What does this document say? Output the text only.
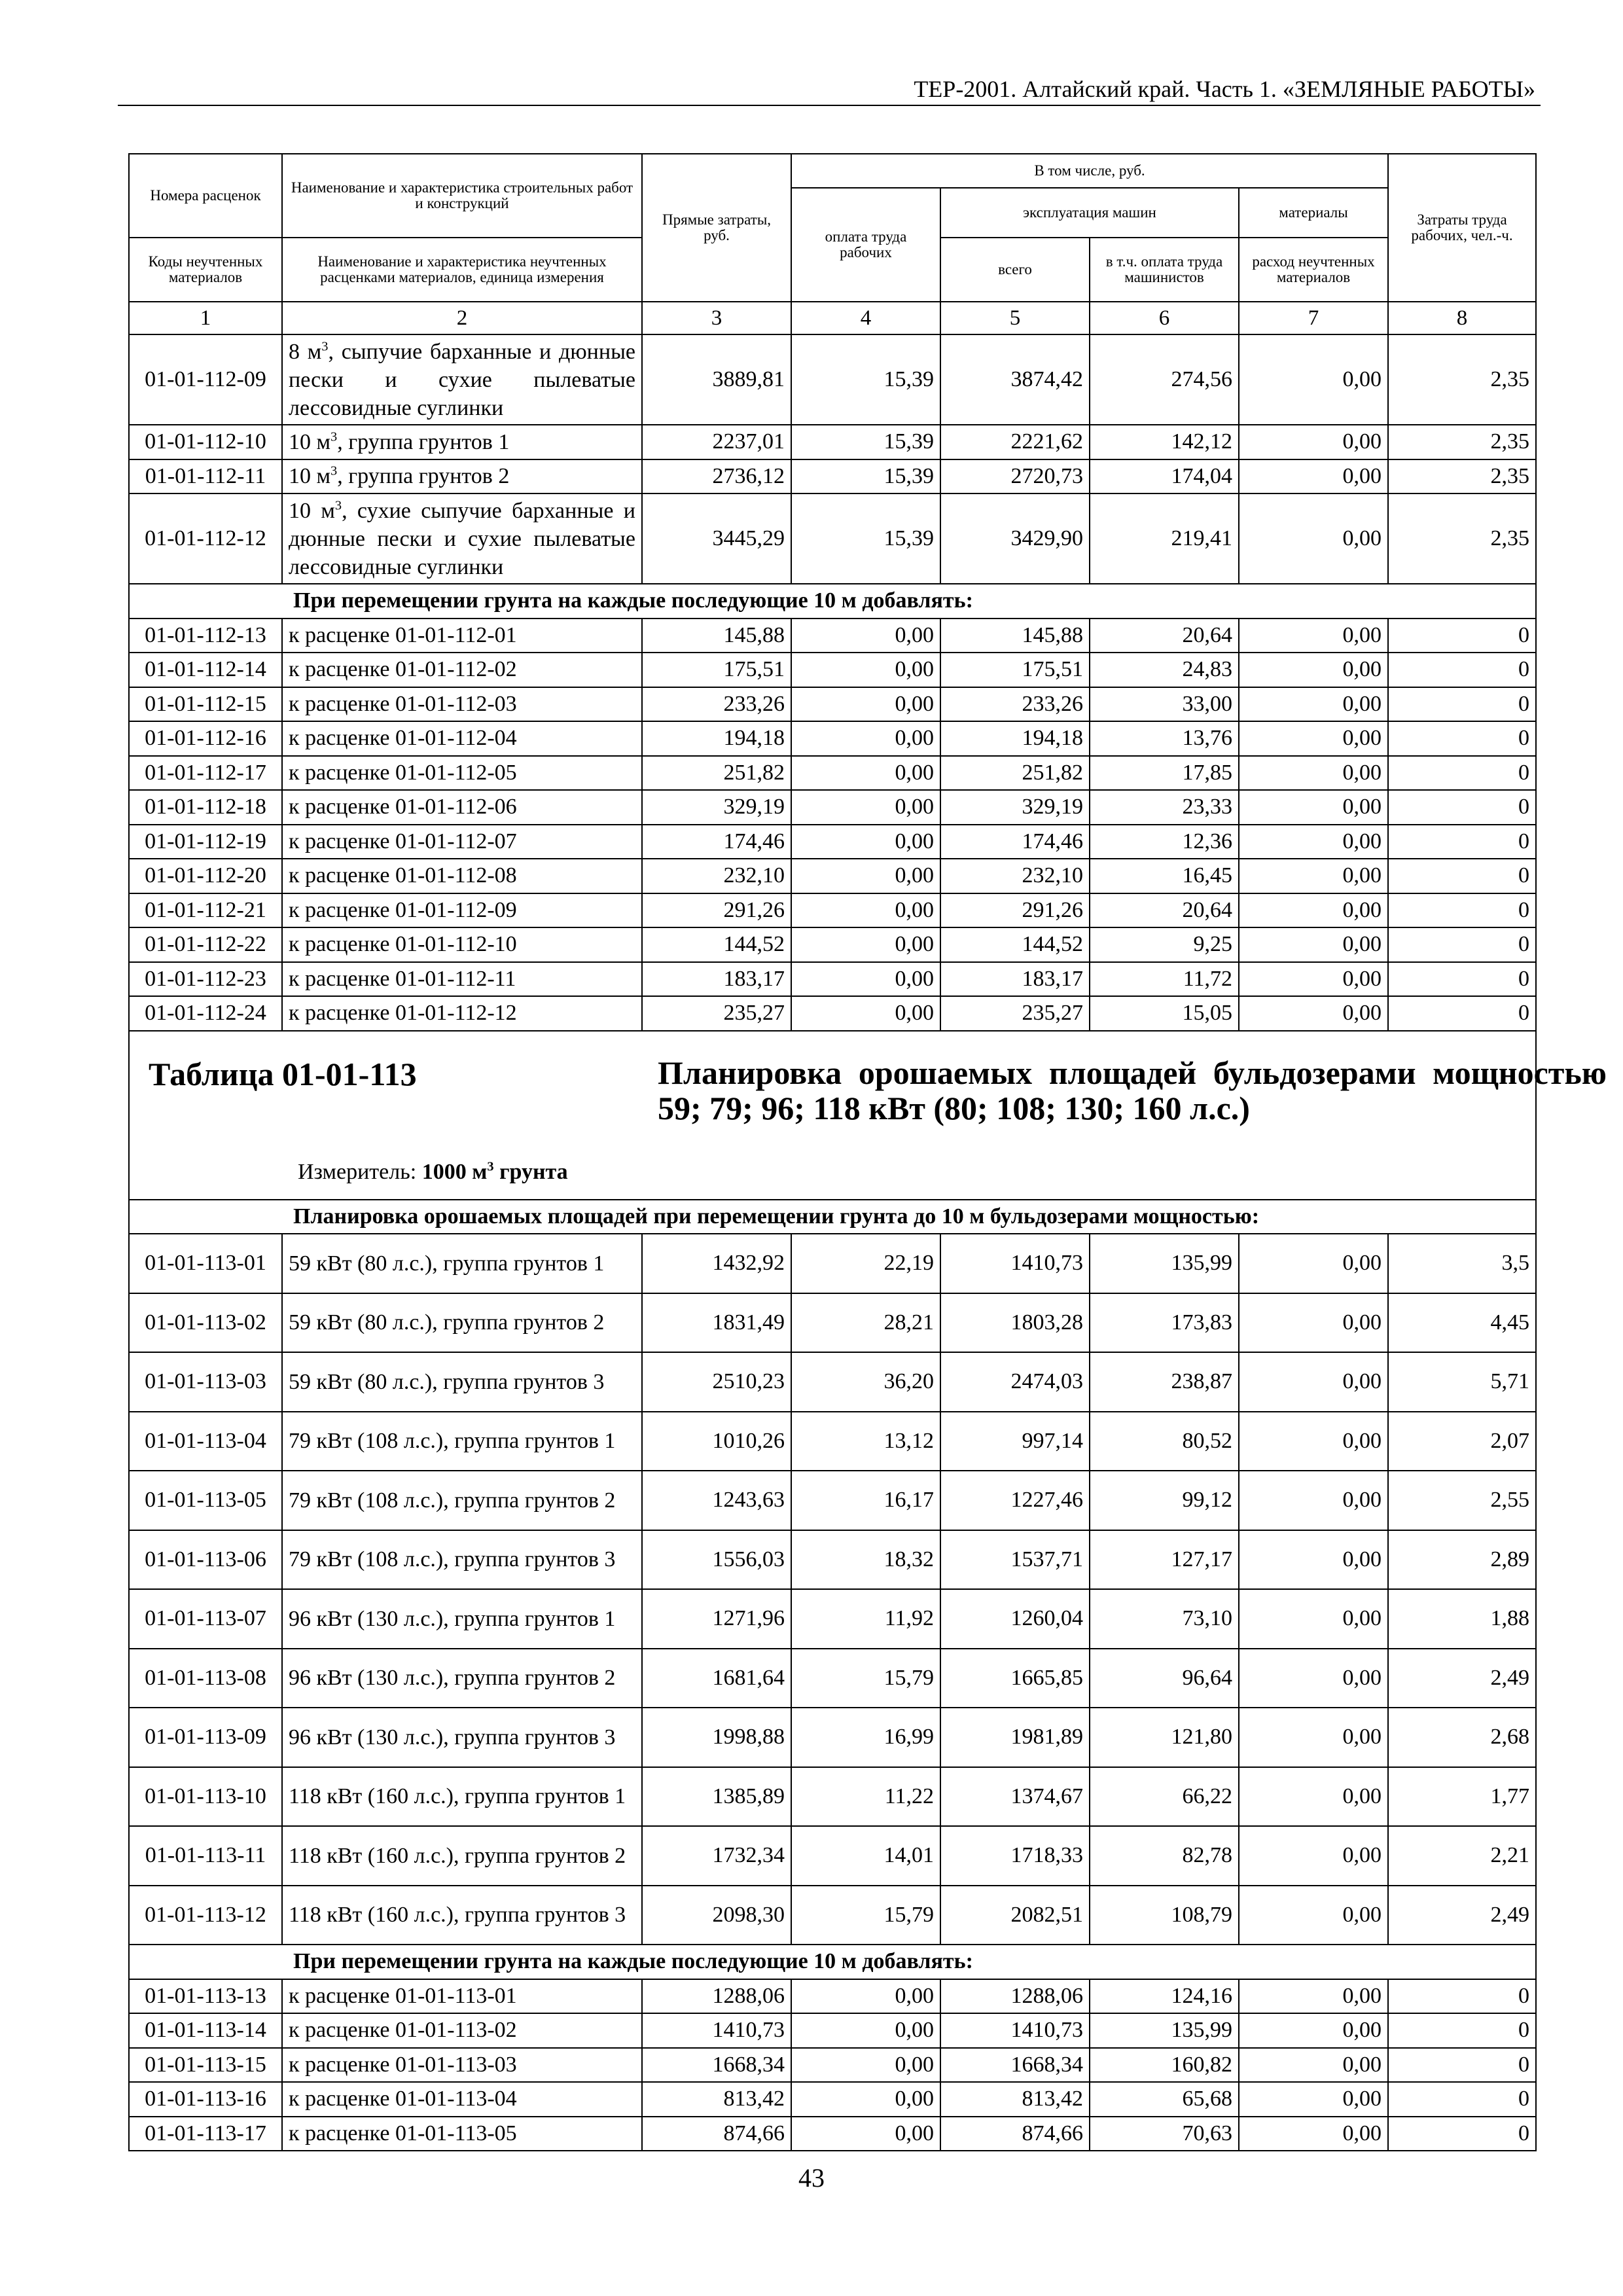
ТЕР-2001. Алтайский край. Часть 1. «ЗЕМЛЯНЫЕ РАБОТЫ»
Номера расценок	Наименование и характеристика строительных работ и конструкций	Прямые затраты, руб.	В том числе, руб.				Затраты труда рабочих, чел.-ч.
			оплата труда рабочих	эксплуатация машин		материалы	
Коды неучтенных материалов	Наименование и характеристика неучтенных расценками материалов, единица измерения			всего	в т.ч. оплата труда машинистов	расход неучтенных материалов	
1	2	3	4	5	6	7	8
01-01-112-09	8 $м^3$, сыпучие барханные и дюнные пески и сухие пылеватые лессовидные суглинки	3889,81	15,39	3874,42	274,56	0,00	2,35
01-01-112-10	10 $м^3$, группа грунтов 1	2237,01	15,39	2221,62	142,12	0,00	2,35
01-01-112-11	10 $м^3$, группа грунтов 2	2736,12	15,39	2720,73	174,04	0,00	2,35
01-01-112-12	10 $м^3$, сухие сыпучие барханные и дюнные пески и сухие пылеватые лессовидные суглинки	3445,29	15,39	3429,90	219,41	0,00	2,35
При перемещении грунта на каждые последующие 10 м добавлять:							
01-01-112-13	к расценке 01-01-112-01	145,88	0,00	145,88	20,64	0,00	0
01-01-112-14	к расценке 01-01-112-02	175,51	0,00	175,51	24,83	0,00	0
01-01-112-15	к расценке 01-01-112-03	233,26	0,00	233,26	33,00	0,00	0
01-01-112-16	к расценке 01-01-112-04	194,18	0,00	194,18	13,76	0,00	0
01-01-112-17	к расценке 01-01-112-05	251,82	0,00	251,82	17,85	0,00	0
01-01-112-18	к расценке 01-01-112-06	329,19	0,00	329,19	23,33	0,00	0
01-01-112-19	к расценке 01-01-112-07	174,46	0,00	174,46	12,36	0,00	0
01-01-112-20	к расценке 01-01-112-08	232,10	0,00	232,10	16,45	0,00	0
01-01-112-21	к расценке 01-01-112-09	291,26	0,00	291,26	20,64	0,00	0
01-01-112-22	к расценке 01-01-112-10	144,52	0,00	144,52	9,25	0,00	0
01-01-112-23	к расценке 01-01-112-11	183,17	0,00	183,17	11,72	0,00	0
01-01-112-24	к расценке 01-01-112-12	235,27	0,00	235,27	15,05	0,00	0

Таблица 01-01-113 Планировка орошаемых площадей бульдозерами мощностью 59; 79; 96; 118 кВт (80; 108; 130; 160 л.с.)
Измеритель: 1000 $м^3$ грунта							

Планировка орошаемых площадей при перемещении грунта до 10 м бульдозерами мощностью:							
01-01-113-01	59 кВт (80 л.с.), группа грунтов 1	1432,92	22,19	1410,73	135,99	0,00	3,5
01-01-113-02	59 кВт (80 л.с.), группа грунтов 2	1831,49	28,21	1803,28	173,83	0,00	4,45
01-01-113-03	59 кВт (80 л.с.), группа грунтов 3	2510,23	36,20	2474,03	238,87	0,00	5,71
01-01-113-04	79 кВт (108 л.с.), группа грунтов 1	1010,26	13,12	997,14	80,52	0,00	2,07
01-01-113-05	79 кВт (108 л.с.), группа грунтов 2	1243,63	16,17	1227,46	99,12	0,00	2,55
01-01-113-06	79 кВт (108 л.с.), группа грунтов 3	1556,03	18,32	1537,71	127,17	0,00	2,89
01-01-113-07	96 кВт (130 л.с.), группа грунтов 1	1271,96	11,92	1260,04	73,10	0,00	1,88
01-01-113-08	96 кВт (130 л.с.), группа грунтов 2	1681,64	15,79	1665,85	96,64	0,00	2,49
01-01-113-09	96 кВт (130 л.с.), группа грунтов 3	1998,88	16,99	1981,89	121,80	0,00	2,68
01-01-113-10	118 кВт (160 л.с.), группа грунтов 1	1385,89	11,22	1374,67	66,22	0,00	1,77
01-01-113-11	118 кВт (160 л.с.), группа грунтов 2	1732,34	14,01	1718,33	82,78	0,00	2,21
01-01-113-12	118 кВт (160 л.с.), группа грунтов 3	2098,30	15,79	2082,51	108,79	0,00	2,49
При перемещении грунта на каждые последующие 10 м добавлять:							
01-01-113-13	к расценке 01-01-113-01	1288,06	0,00	1288,06	124,16	0,00	0
01-01-113-14	к расценке 01-01-113-02	1410,73	0,00	1410,73	135,99	0,00	0
01-01-113-15	к расценке 01-01-113-03	1668,34	0,00	1668,34	160,82	0,00	0
01-01-113-16	к расценке 01-01-113-04	813,42	0,00	813,42	65,68	0,00	0
01-01-113-17	к расценке 01-01-113-05	874,66	0,00	874,66	70,63	0,00	0
43
